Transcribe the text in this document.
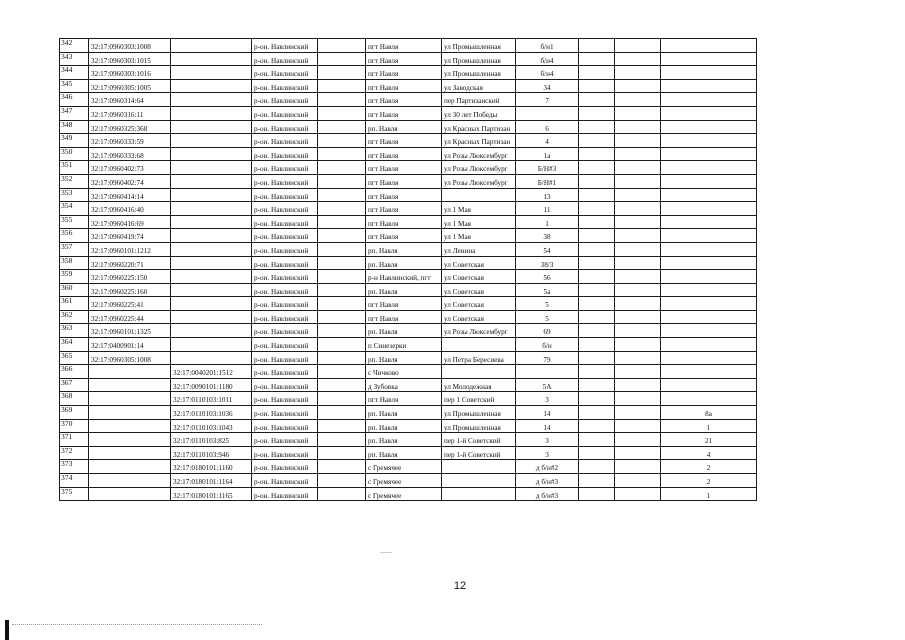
342	32:17:0960303:1008		р-он. Навлинский		пгт Навля	ул Промышленная	б/н1			
343	32:17:0960303:1015		р-он. Навлинский		пгт Навля	ул Промышленная	б/н4			
344	32:17:0960303:1016		р-он. Навлинский		пгт Навля	ул Промышленная	б/н4			
345	32:17:0960305:1005		р-он. Навлинский		пгт Навля	ул Заводская	34			
346	32:17:0960314:64		р-он. Навлинский		пгт Навля	пер Партизанский	7			
347	32:17:0960316:11		р-он. Навлинский		пгт Навля	ул 30 лет Победы				
348	32:17:0960325:368		р-он. Навлинский		рп. Навля	ул Красных Партизан	6			
349	32:17:0960333:59		р-он. Навлинский		пгт Навля	ул Красных Партизан	4			
350	32:17:0960333:68		р-он. Навлинский		пгт Навля	ул Розы Люксембург	1а			
351	32:17:0960402:73		р-он. Навлинский		пгт Навля	ул Розы Люксембург	Б/Н#3			
352	32:17:0960402:74		р-он. Навлинский		пгт Навля	ул Розы Люксембург	Б/Н#1			
353	32:17:0960414:14		р-он. Навлинский		пгт Навля		13			
354	32:17:0960416:40		р-он. Навлинский		пгт Навля	ул 1 Мая	11			
355	32:17:0960416:69		р-он. Навлинский		пгт Навля	ул 1 Мая	1			
356	32:17:0960419:74		р-он. Навлинский		пгт Навля	ул 1 Мая	38			
357	32:17:0960101:1212		р-он. Навлинский		рп. Навля	ул Ленина	54			
358	32:17:0960220:71		р-он. Навлинский		рп. Навля	ул Советская	38/3			
359	32:17:0960225:150		р-он. Навлинский		р-н Навлинский, пгт	ул Советская	56			
360	32:17:0960225:160		р-он. Навлинский		рп. Навля	ул Советская	5а			
361	32:17:0960225:41		р-он. Навлинский		пгт Навля	ул Советская	5			
362	32:17:0960225:44		р-он. Навлинский		пгт Навля	ул Советская	5			
363	32:17:0960101:1325		р-он. Навлинский		рп. Навля	ул Розы Люксембург	69			
364	32:17:0400901:14		р-он. Навлинский		п Синезерки		б/н			
365	32:17:0960305:1008		р-он. Навлинский		рп. Навля	ул Петра Бересиева	79			
366		32:17:0040201:1512	р-он. Навлинский		с Чичково					
367		32:17:0090101:1180	р-он. Навлинский		д Зубовка	ул Молодежная	5А			
368		32:17:0110103:1011	р-он. Навлинский		пгт Навля	пер 1 Советский	3			
369		32:17:0110103:1036	р-он. Навлинский		рп. Навля	ул Промышленная	14			8а
370		32:17:0110103:1043	р-он. Навлинский		рп. Навля	ул Промышленная	14			1
371		32:17:0110103:825	р-он. Навлинский		рп. Навля	пер 1-й Советский	3			21
372		32:17:0110103:946	р-он. Навлинский		рп. Навля	пер 1-й Советский	3			4
373		32:17:0180101:1160	р-он. Навлинский		с Гремячее		д б/н#2			2
374		32:17:0180101:1164	р-он. Навлинский		с Гремячее		д б/н#3			2
375		32:17:0180101:1165	р-он. Навлинский		с Гремячее		д б/н#3			1
12
